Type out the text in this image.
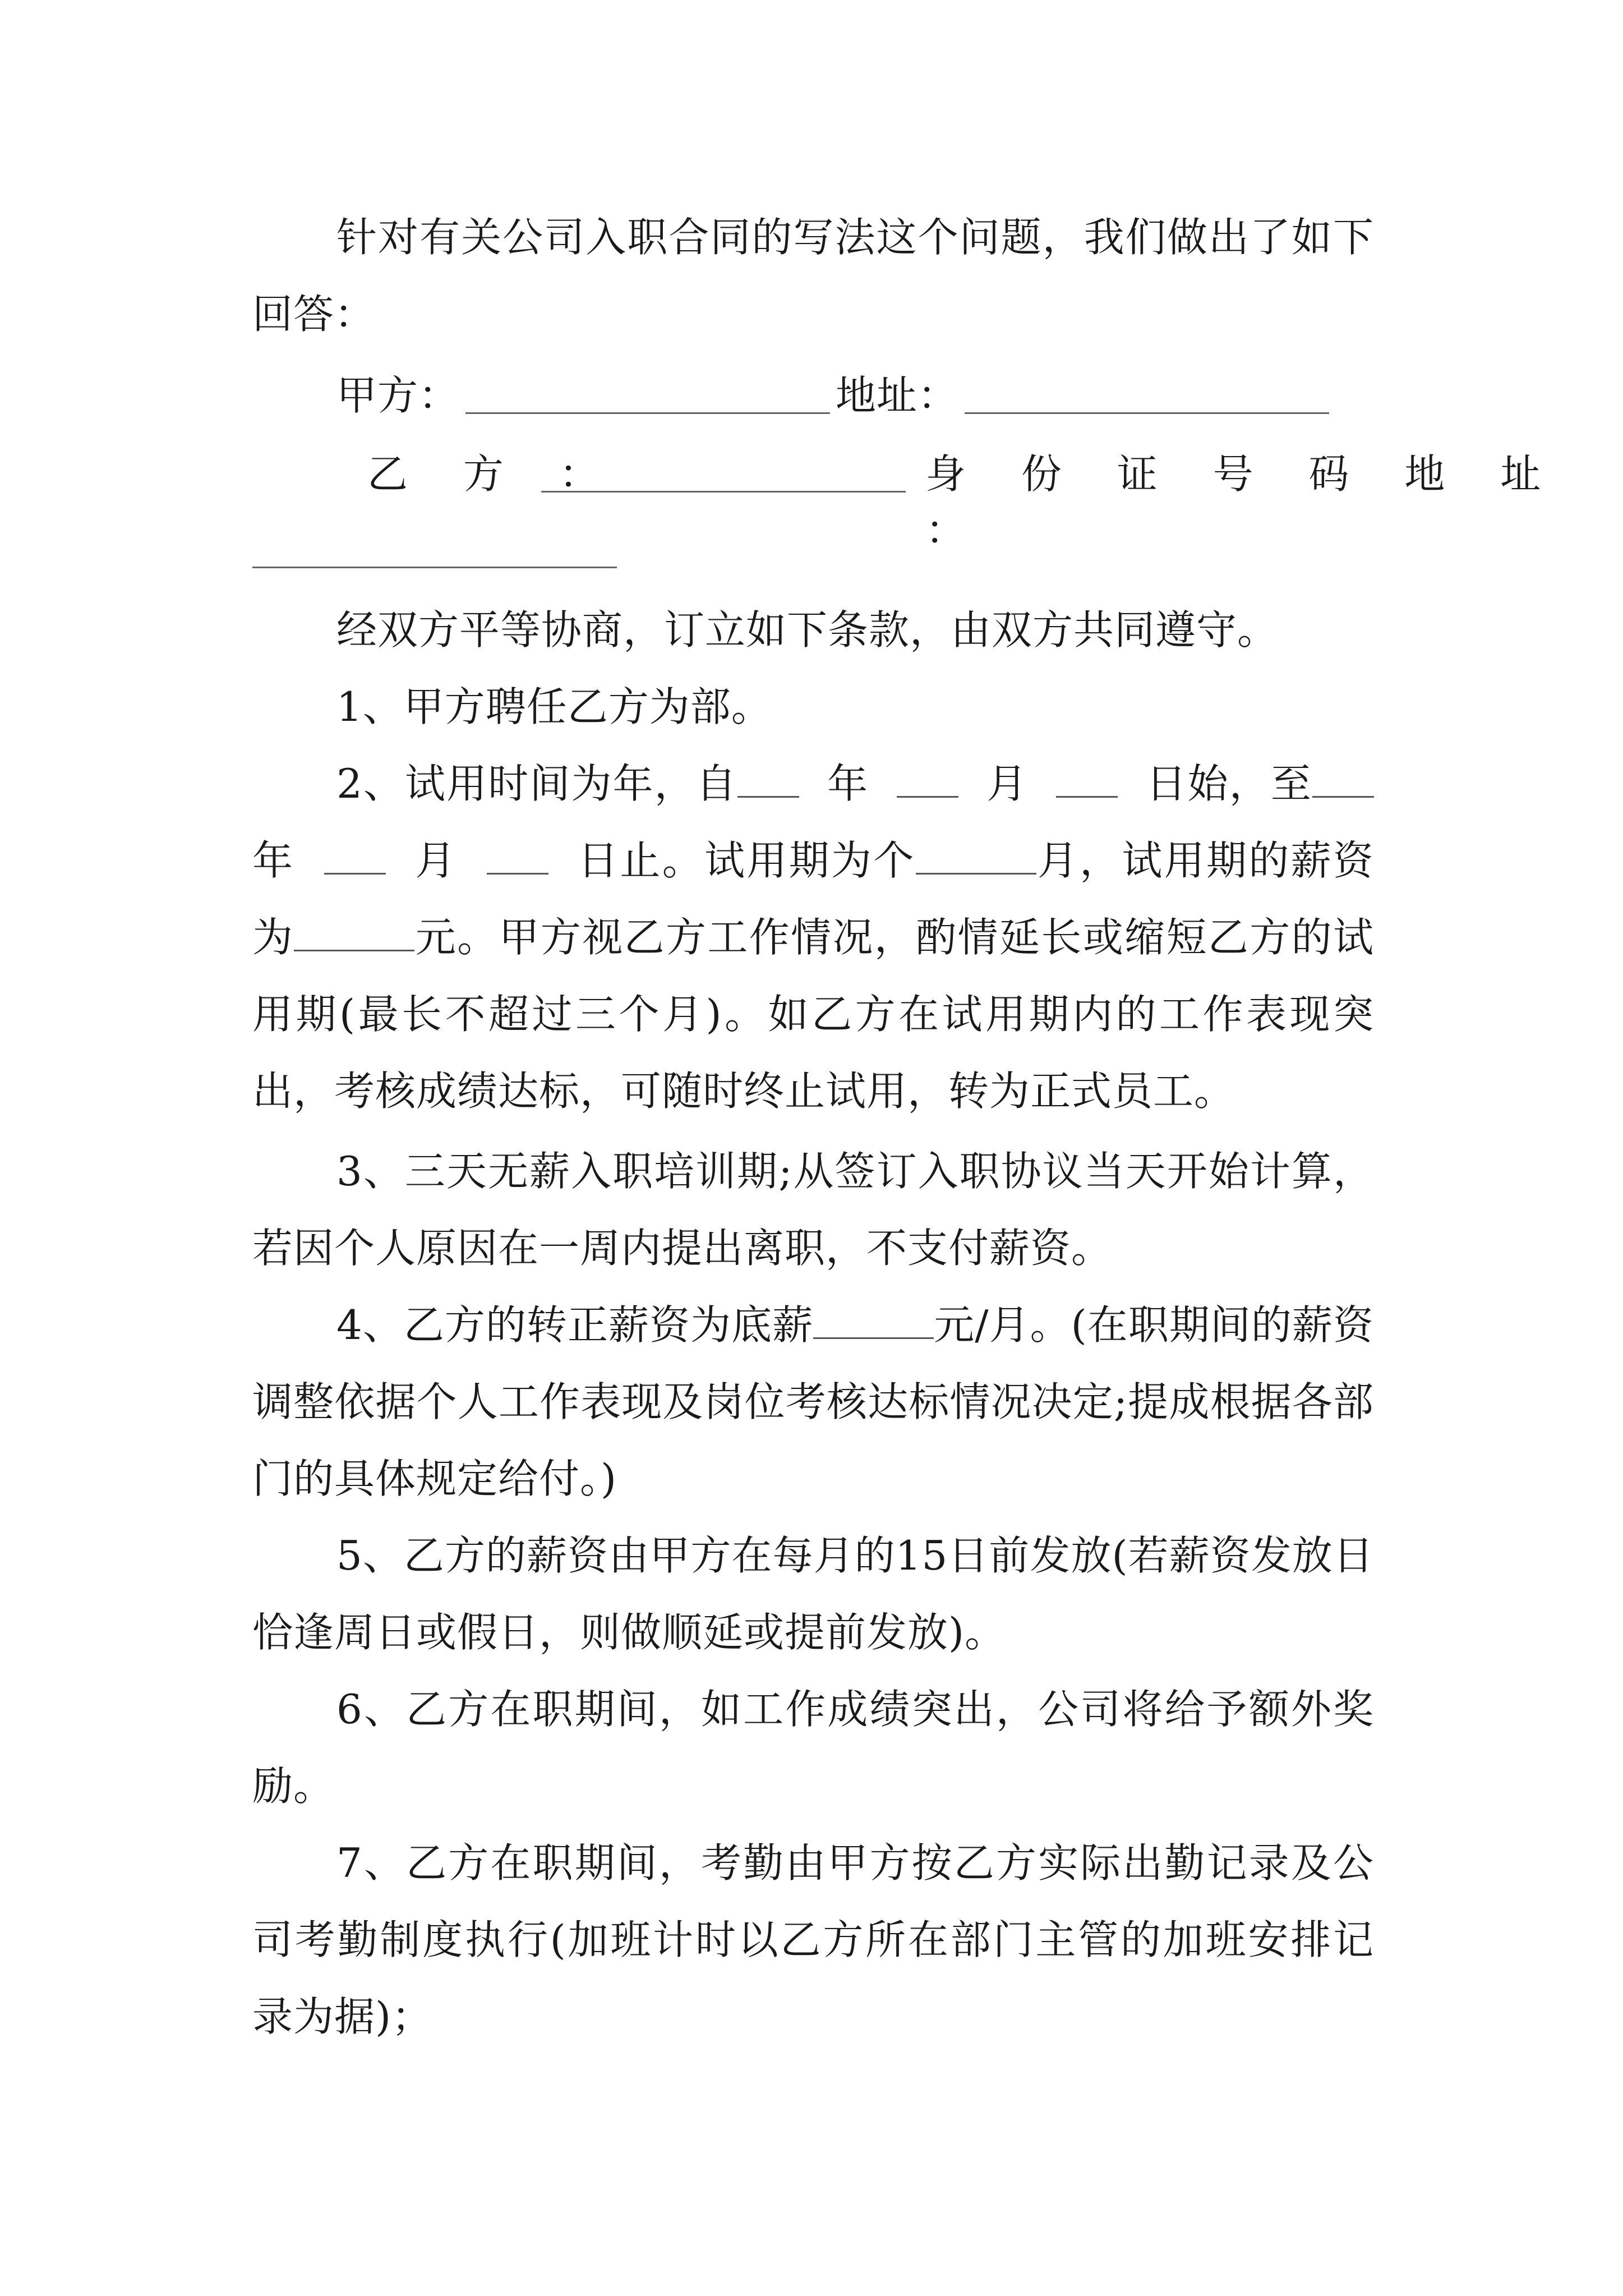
针对有关公司入职合同的写法这个问题，我们做出了如下回答：
甲方：	地址：
乙 方 ：	身 份 证 号 码 地 址 ：
经双方平等协商，订立如下条款，由双方共同遵守。
1、甲方聘任乙方为部。
2、试用时间为年，自 年	月	日始，至年	月	日止。试用期为个	月，试用期的薪资为	元。甲方视乙方工作情况，酌情延长或缩短乙方的试用期(最长不超过三个月)。如乙方在试用期内的工作表现突出，考核成绩达标，可随时终止试用，转为正式员工。
3、三天无薪入职培训期;从签订入职协议当天开始计算，若因个人原因在一周内提出离职，不支付薪资。
4、乙方的转正薪资为底薪	元/月。(在职期间的薪资调整依据个人工作表现及岗位考核达标情况决定;提成根据各部门的具体规定给付。)
5、乙方的薪资由甲方在每月的15日前发放(若薪资发放日恰逢周日或假日，则做顺延或提前发放)。
6、乙方在职期间，如工作成绩突出，公司将给予额外奖励。
7、乙方在职期间，考勤由甲方按乙方实际出勤记录及公司考勤制度执行(加班计时以乙方所在部门主管的加班安排记录为据)；
